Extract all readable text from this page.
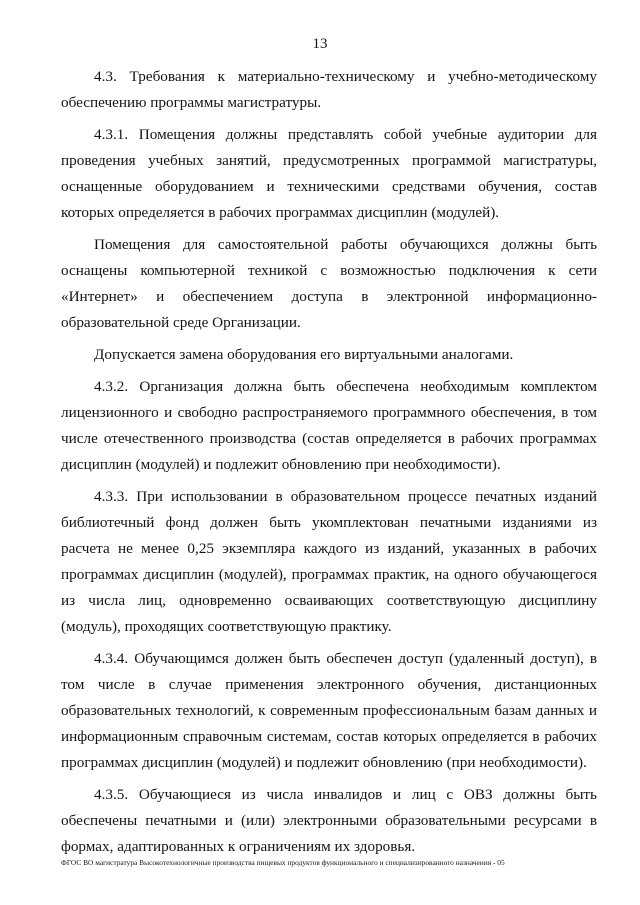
13

4.3. Требования к материально-техническому и учебно-методическому обеспечению программы магистратуры.

4.3.1. Помещения должны представлять собой учебные аудитории для проведения учебных занятий, предусмотренных программой магистратуры, оснащенные оборудованием и техническими средствами обучения, состав которых определяется в рабочих программах дисциплин (модулей).

Помещения для самостоятельной работы обучающихся должны быть оснащены компьютерной техникой с возможностью подключения к сети «Интернет» и обеспечением доступа в электронной информационно-образовательной среде Организации.

Допускается замена оборудования его виртуальными аналогами.

4.3.2. Организация должна быть обеспечена необходимым комплектом лицензионного и свободно распространяемого программного обеспечения, в том числе отечественного производства (состав определяется в рабочих программах дисциплин (модулей) и подлежит обновлению при необходимости).

4.3.3. При использовании в образовательном процессе печатных изданий библиотечный фонд должен быть укомплектован печатными изданиями из расчета не менее 0,25 экземпляра каждого из изданий, указанных в рабочих программах дисциплин (модулей), программах практик, на одного обучающегося из числа лиц, одновременно осваивающих соответствующую дисциплину (модуль), проходящих соответствующую практику.

4.3.4. Обучающимся должен быть обеспечен доступ (удаленный доступ), в том числе в случае применения электронного обучения, дистанционных образовательных технологий, к современным профессиональным базам данных и информационным справочным системам, состав которых определяется в рабочих программах дисциплин (модулей) и подлежит обновлению (при необходимости).

4.3.5. Обучающиеся из числа инвалидов и лиц с ОВЗ должны быть обеспечены печатными и (или) электронными образовательными ресурсами в формах, адаптированных к ограничениям их здоровья.

ФГОС ВО магистратура Высокотехнологичные производства пищевых продуктов функционального и специализированного назначения - 05
